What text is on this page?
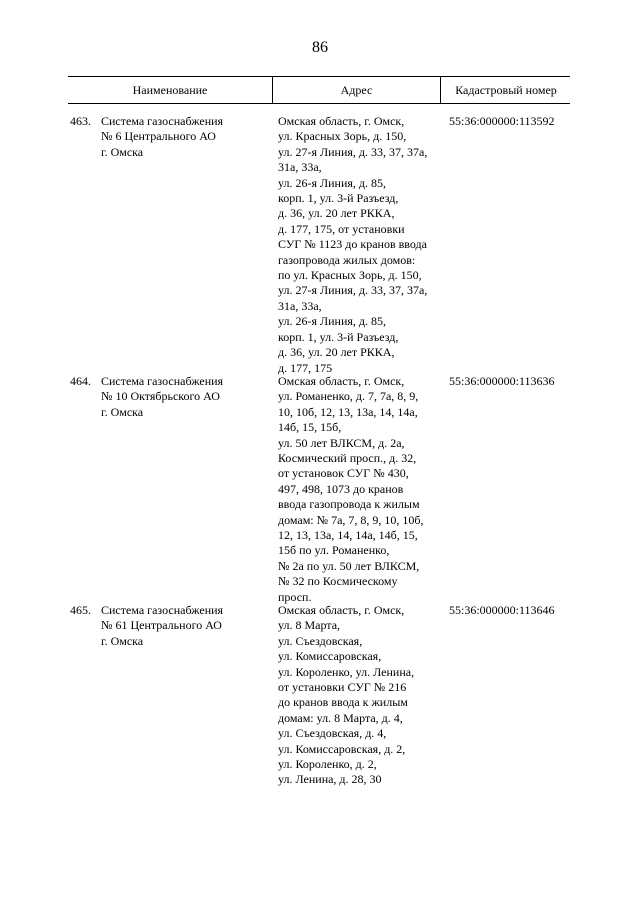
86
Наименование	Адрес	Кадастровый номер
463. Система газоснабжения
№ 6 Центрального АО
г. Омска
Омская область, г. Омск,
ул. Красных Зорь, д. 150,
ул. 27-я Линия, д. 33, 37, 37а,
31а, 33а,
ул. 26-я Линия, д. 85,
корп. 1, ул. 3-й Разъезд,
д. 36, ул. 20 лет РККА,
д. 177, 175, от установки
СУГ № 1123 до кранов ввода
газопровода жилых домов:
по ул. Красных Зорь, д. 150,
ул. 27-я Линия, д. 33, 37, 37а,
31а, 33а,
ул. 26-я Линия, д. 85,
корп. 1, ул. 3-й Разъезд,
д. 36, ул. 20 лет РККА,
д. 177, 175
55:36:000000:113592
464. Система газоснабжения
№ 10 Октябрьского АО
г. Омска
Омская область, г. Омск,
ул. Романенко, д. 7, 7а, 8, 9,
10, 10б, 12, 13, 13а, 14, 14а,
14б, 15, 15б,
ул. 50 лет ВЛКСМ, д. 2а,
Космический просп., д. 32,
от установок СУГ № 430,
497, 498, 1073 до кранов
ввода газопровода к жилым
домам: № 7а, 7, 8, 9, 10, 10б,
12, 13, 13а, 14, 14а, 14б, 15,
15б по ул. Романенко,
№ 2а по ул. 50 лет ВЛКСМ,
№ 32 по Космическому
просп.
55:36:000000:113636
465. Система газоснабжения
№ 61 Центрального АО
г. Омска
Омская область, г. Омск,
ул. 8 Марта,
ул. Съездовская,
ул. Комиссаровская,
ул. Короленко, ул. Ленина,
от установки СУГ № 216
до кранов ввода к жилым
домам: ул. 8 Марта, д. 4,
ул. Съездовская, д. 4,
ул. Комиссаровская, д. 2,
ул. Короленко, д. 2,
ул. Ленина, д. 28, 30
55:36:000000:113646
